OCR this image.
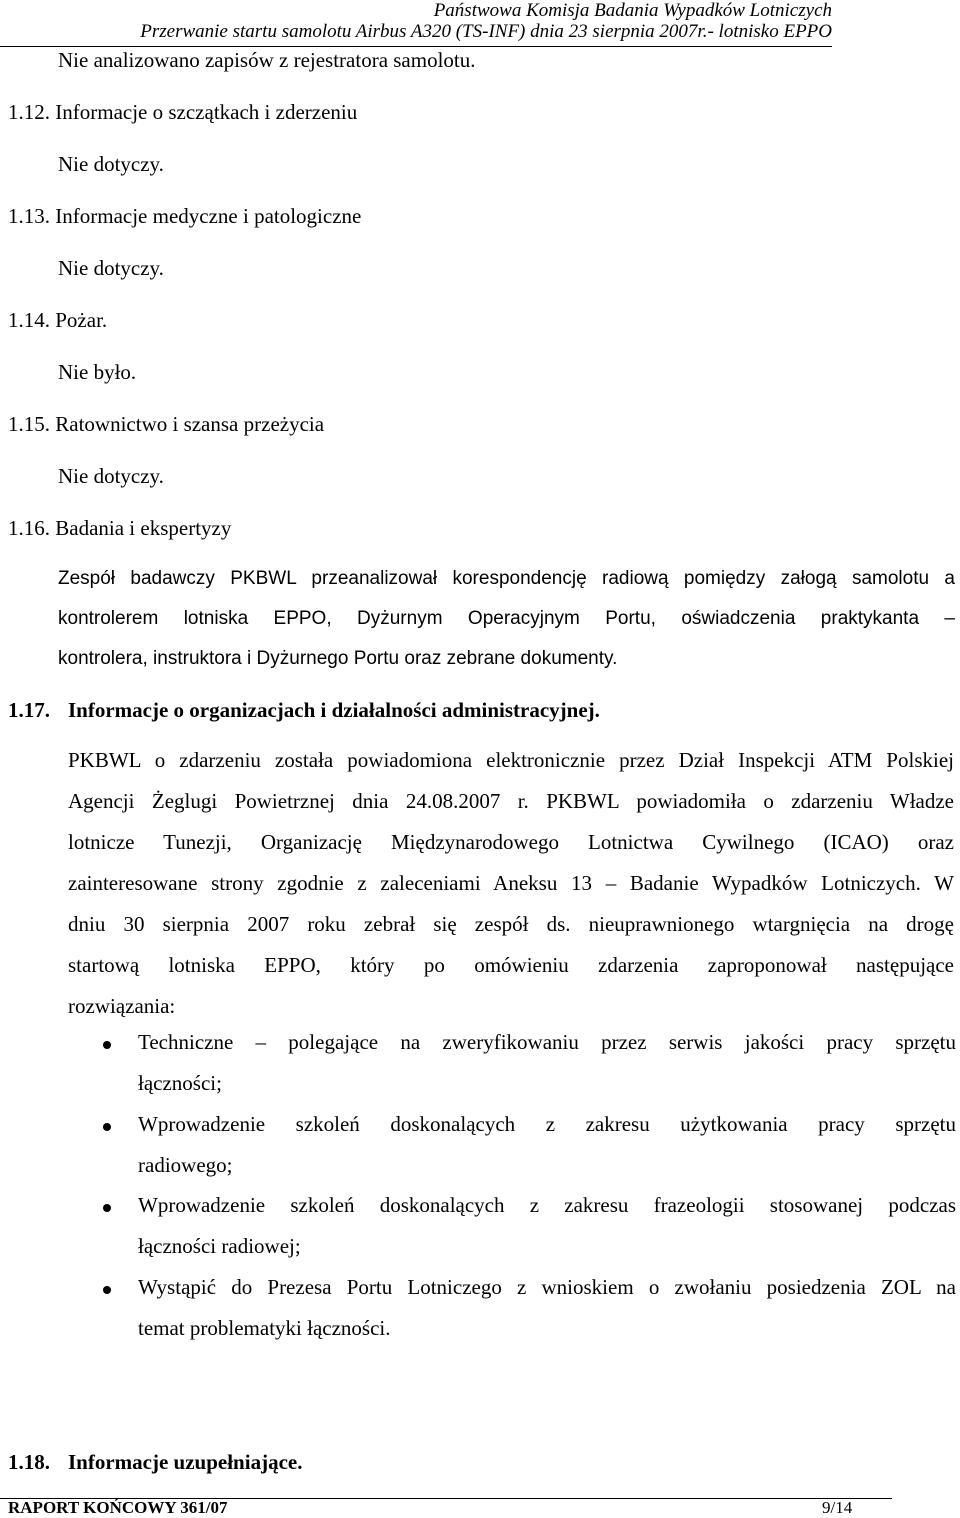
Państwowa Komisja Badania Wypadków Lotniczych
Przerwanie startu samolotu Airbus A320 (TS-INF) dnia 23 sierpnia 2007r.- lotnisko EPPO
Nie analizowano zapisów z rejestratora samolotu.
1.12. Informacje o szczątkach i zderzeniu
Nie dotyczy.
1.13. Informacje medyczne i patologiczne
Nie dotyczy.
1.14. Pożar.
Nie było.
1.15. Ratownictwo i szansa przeżycia
Nie dotyczy.
1.16. Badania i ekspertyzy
Zespół badawczy PKBWL przeanalizował korespondencję radiową pomiędzy załogą samolotu a
kontrolerem lotniska EPPO, Dyżurnym Operacyjnym Portu, oświadczenia praktykanta –
kontrolera, instruktora i Dyżurnego Portu oraz zebrane dokumenty.
1.17. Informacje o organizacjach i działalności administracyjnej.
PKBWL o zdarzeniu została powiadomiona elektronicznie przez Dział Inspekcji ATM Polskiej
Agencji Żeglugi Powietrznej dnia 24.08.2007 r. PKBWL powiadomiła o zdarzeniu Władze
lotnicze Tunezji, Organizację Międzynarodowego Lotnictwa Cywilnego (ICAO) oraz
zainteresowane strony zgodnie z zaleceniami Aneksu 13 – Badanie Wypadków Lotniczych. W
dniu 30 sierpnia 2007 roku zebrał się zespół ds. nieuprawnionego wtargnięcia na drogę
startową lotniska EPPO, który po omówieniu zdarzenia zaproponował następujące
rozwiązania:
Techniczne – polegające na zweryfikowaniu przez serwis jakości pracy sprzętu
łączności;
Wprowadzenie szkoleń doskonalących z zakresu użytkowania pracy sprzętu
radiowego;
Wprowadzenie szkoleń doskonalących z zakresu frazeologii stosowanej podczas
łączności radiowej;
Wystąpić do Prezesa Portu Lotniczego z wnioskiem o zwołaniu posiedzenia ZOL na
temat problematyki łączności.
1.18. Informacje uzupełniające.
RAPORT KOŃCOWY 361/07	9/14
